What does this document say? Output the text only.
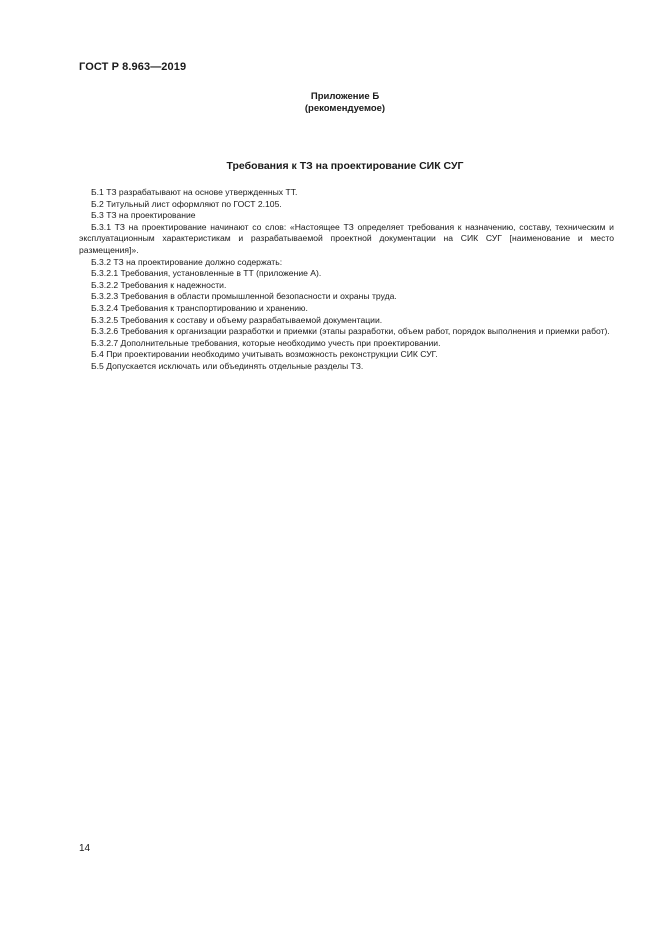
ГОСТ Р 8.963—2019
Приложение Б
(рекомендуемое)
Требования к ТЗ на проектирование СИК СУГ

Б.1 ТЗ разрабатывают на основе утвержденных ТТ.

Б.2 Титульный лист оформляют по ГОСТ 2.105.

Б.3 ТЗ на проектирование

Б.3.1 ТЗ на проектирование начинают со слов: «Настоящее ТЗ определяет требования к назначению, составу, техническим и эксплуатационным характеристикам и разрабатываемой проектной документации на СИК СУГ [наименование и место размещения]».

Б.3.2 ТЗ на проектирование должно содержать:

Б.3.2.1 Требования, установленные в ТТ (приложение А).

Б.3.2.2 Требования к надежности.

Б.3.2.3 Требования в области промышленной безопасности и охраны труда.

Б.3.2.4 Требования к транспортированию и хранению.

Б.3.2.5 Требования к составу и объему разрабатываемой документации.

Б.3.2.6 Требования к организации разработки и приемки (этапы разработки, объем работ, порядок выполнения и приемки работ).

Б.3.2.7 Дополнительные требования, которые необходимо учесть при проектировании.

Б.4 При проектировании необходимо учитывать возможность реконструкции СИК СУГ.

Б.5 Допускается исключать или объединять отдельные разделы ТЗ.

14
